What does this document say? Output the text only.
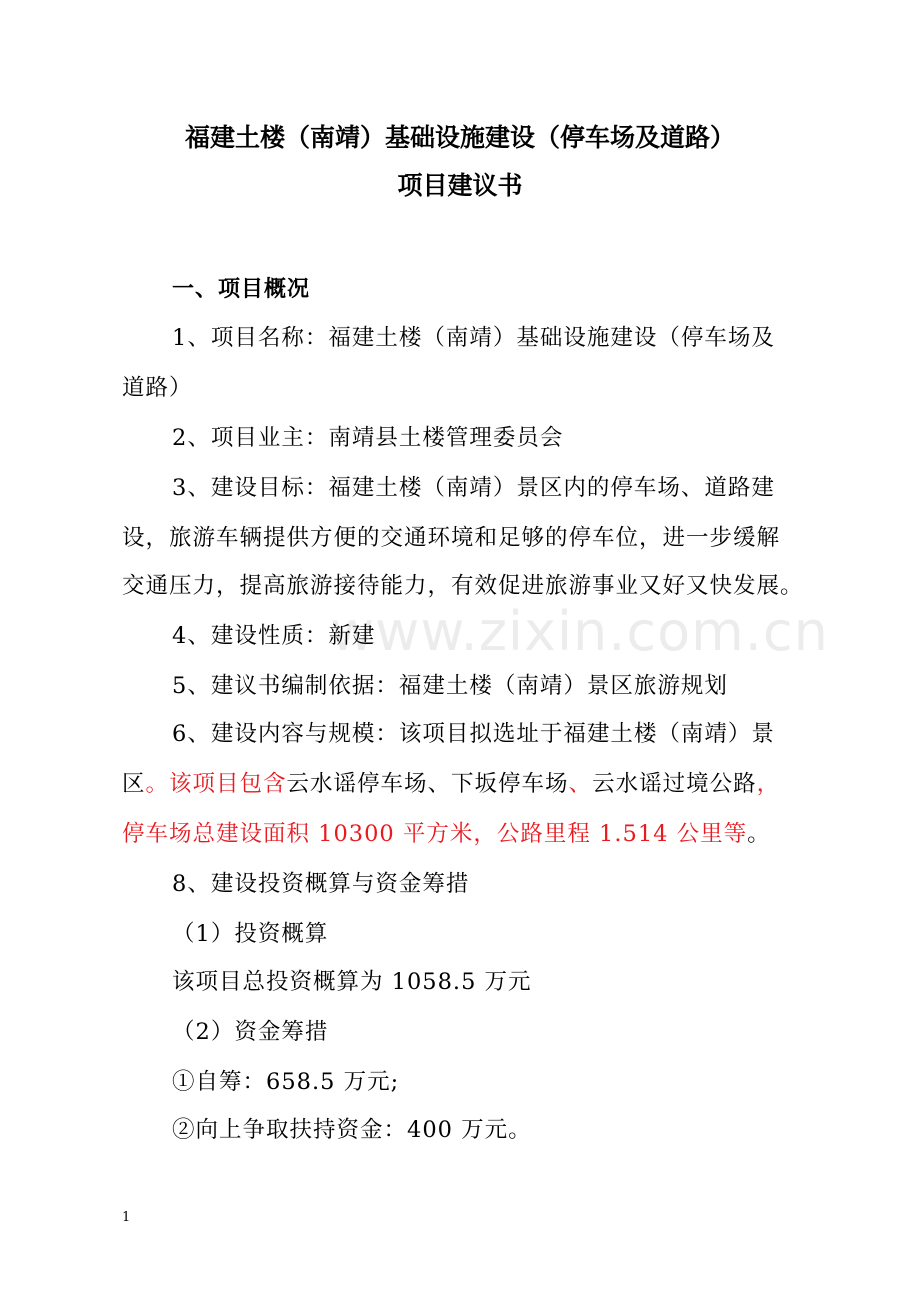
福建土楼（南靖）基础设施建设（停车场及道路）
项目建议书
一、项目概况
1、项目名称：福建土楼（南靖）基础设施建设（停车场及
道路）
2、项目业主：南靖县土楼管理委员会
3、建设目标：福建土楼（南靖）景区内的停车场、道路建
设，旅游车辆提供方便的交通环境和足够的停车位，进一步缓解
交通压力，提高旅游接待能力，有效促进旅游事业又好又快发展。
4、建设性质：新建
5、建议书编制依据：福建土楼（南靖）景区旅游规划
6、建设内容与规模：该项目拟选址于福建土楼（南靖）景
区。该项目包含云水谣停车场、下坂停车场、云水谣过境公路，
停车场总建设面积 10300 平方米，公路里程 1.514 公里等。
8、建设投资概算与资金筹措
（1）投资概算
该项目总投资概算为 1058.5 万元
（2）资金筹措
①自筹：658.5 万元;
②向上争取扶持资金：400 万元。
www.zixin.com.cn
1
